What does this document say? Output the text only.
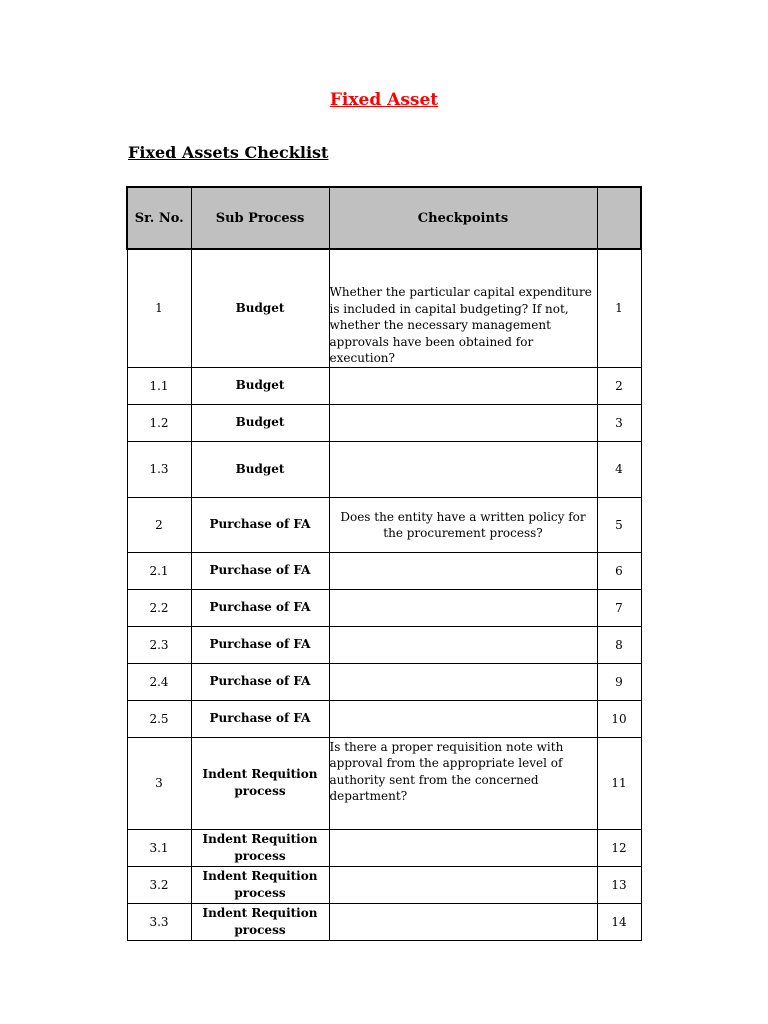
Fixed Asset
Fixed Assets Checklist
Sr. No.	Sub Process	Checkpoints	
1	Budget	Whether the particular capital expenditure is included in capital budgeting? If not, whether the necessary management approvals have been obtained for execution?	1
1.1	Budget		2
1.2	Budget		3
1.3	Budget		4
2	Purchase of FA	Does the entity have a written policy for the procurement process?	5
2.1	Purchase of FA		6
2.2	Purchase of FA		7
2.3	Purchase of FA		8
2.4	Purchase of FA		9
2.5	Purchase of FA		10
3	Indent Requition process	Is there a proper requisition note with approval from the appropriate level of authority sent from the concerned department?	11
3.1	Indent Requition process		12
3.2	Indent Requition process		13
3.3	Indent Requition process		14
